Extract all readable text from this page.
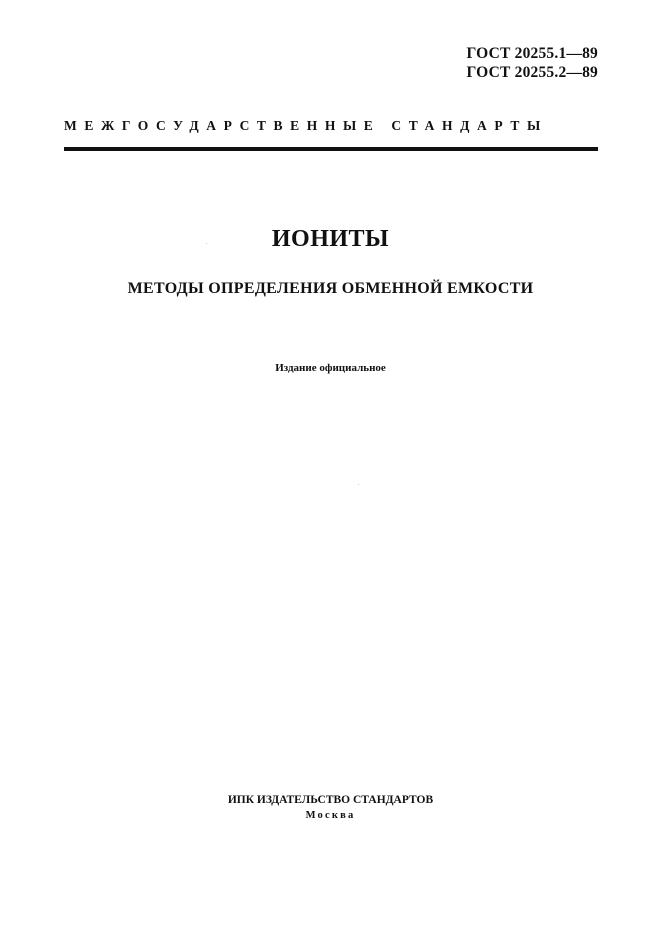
ГОСТ 20255.1—89
ГОСТ 20255.2—89
МЕЖГОСУДАРСТВЕННЫЕ СТАНДАРТЫ
ИОНИТЫ
МЕТОДЫ ОПРЕДЕЛЕНИЯ ОБМЕННОЙ ЕМКОСТИ
Издание официальное
ИПК ИЗДАТЕЛЬСТВО СТАНДАРТОВ
Москва
